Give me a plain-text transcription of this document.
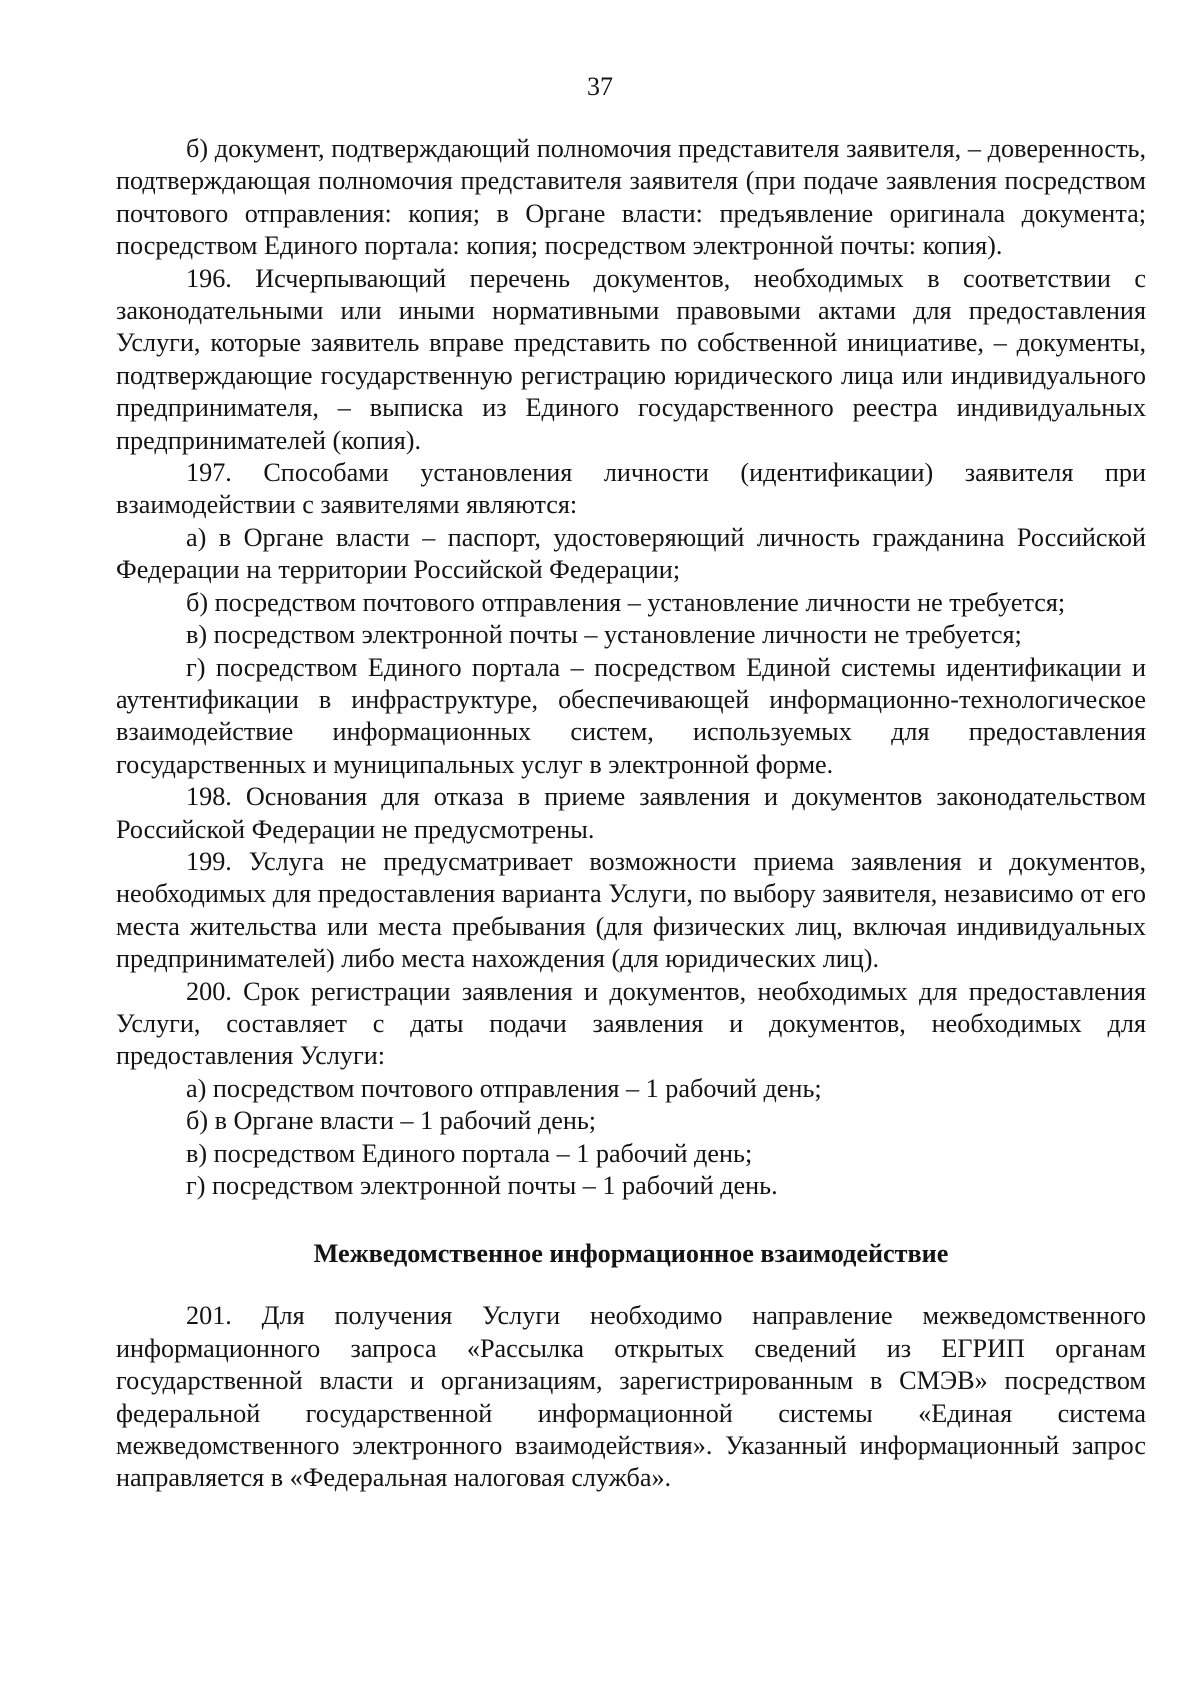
37

б) документ, подтверждающий полномочия представителя заявителя, – доверенность, подтверждающая полномочия представителя заявителя (при подаче заявления посредством почтового отправления: копия; в Органе власти: предъявление оригинала документа; посредством Единого портала: копия; посредством электронной почты: копия).

196. Исчерпывающий перечень документов, необходимых в соответствии с законодательными или иными нормативными правовыми актами для предоставления Услуги, которые заявитель вправе представить по собственной инициативе, – документы, подтверждающие государственную регистрацию юридического лица или индивидуального предпринимателя, – выписка из Единого государственного реестра индивидуальных предпринимателей (копия).

197. Способами установления личности (идентификации) заявителя при взаимодействии с заявителями являются:

а) в Органе власти – паспорт, удостоверяющий личность гражданина Российской Федерации на территории Российской Федерации;

б) посредством почтового отправления – установление личности не требуется;

в) посредством электронной почты – установление личности не требуется;

г) посредством Единого портала – посредством Единой системы идентификации и аутентификации в инфраструктуре, обеспечивающей информационно-технологическое взаимодействие информационных систем, используемых для предоставления государственных и муниципальных услуг в электронной форме.

198. Основания для отказа в приеме заявления и документов законодательством Российской Федерации не предусмотрены.

199. Услуга не предусматривает возможности приема заявления и документов, необходимых для предоставления варианта Услуги, по выбору заявителя, независимо от его места жительства или места пребывания (для физических лиц, включая индивидуальных предпринимателей) либо места нахождения (для юридических лиц).

200. Срок регистрации заявления и документов, необходимых для предоставления Услуги, составляет с даты подачи заявления и документов, необходимых для предоставления Услуги:

а) посредством почтового отправления – 1 рабочий день;

б) в Органе власти – 1 рабочий день;

в) посредством Единого портала – 1 рабочий день;

г) посредством электронной почты – 1 рабочий день.

Межведомственное информационное взаимодействие

201. Для получения Услуги необходимо направление межведомственного информационного запроса «Рассылка открытых сведений из ЕГРИП органам государственной власти и организациям, зарегистрированным в СМЭВ» посредством федеральной государственной информационной системы «Единая система межведомственного электронного взаимодействия». Указанный информационный запрос направляется в «Федеральная налоговая служба».
